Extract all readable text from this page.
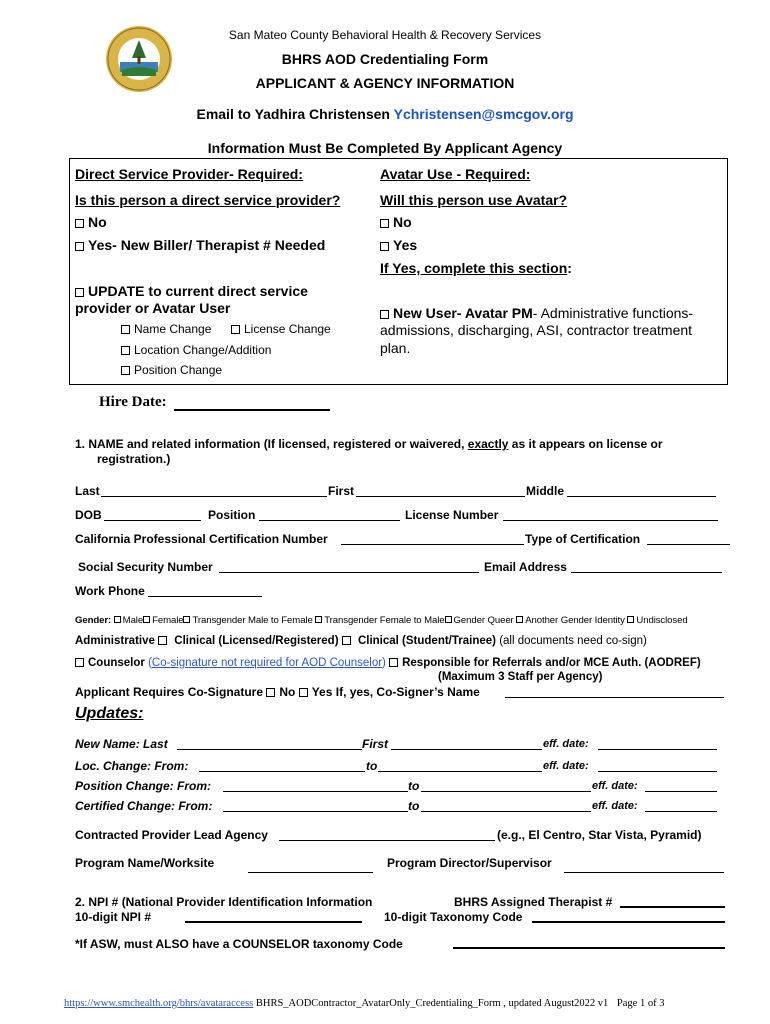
San Mateo County Behavioral Health & Recovery Services
BHRS AOD Credentialing Form
APPLICANT & AGENCY INFORMATION
Email to Yadhira Christensen Ychristensen@smcgov.org
Information Must Be Completed By Applicant Agency
Direct Service Provider- Required:
Is this person a direct service provider?
No
Yes- New Biller/ Therapist # Needed
UPDATE to current direct service
provider or Avatar User
Name Change	License Change
Location Change/Addition
Position Change
Avatar Use - Required:
Will this person use Avatar?
No
Yes
If Yes, complete this section:
New User- Avatar PM- Administrative functions-
admissions, discharging, ASI, contractor treatment
plan.
Hire Date:
1. NAME and related information (If licensed, registered or waivered, exactly as it appears on license or
registration.)
Last	First	Middle
DOB	Position	License Number
California Professional Certification Number	Type of Certification
Social Security Number	Email Address
Work Phone
Gender: Male Female Transgender Male to Female Transgender Female to Male Gender Queer Another Gender Identity Undisclosed
Administrative Clinical (Licensed/Registered) Clinical (Student/Trainee) (all documents need co-sign)
Counselor (Co-signature not required for AOD Counselor) Responsible for Referrals and/or MCE Auth. (AODREF)
(Maximum 3 Staff per Agency)
Applicant Requires Co-Signature No Yes If, yes, Co-Signer’s Name
Updates:
New Name: Last	First	eff. date:
Loc. Change: From:	to	eff. date:
Position Change: From:	to	eff. date:
Certified Change: From:	to	eff. date:
Contracted Provider Lead Agency	(e.g., El Centro, Star Vista, Pyramid)
Program Name/Worksite	Program Director/Supervisor
2. NPI # (National Provider Identification Information	BHRS Assigned Therapist #
10-digit NPI #	10-digit Taxonomy Code
*If ASW, must ALSO have a COUNSELOR taxonomy Code
https://www.smchealth.org/bhrs/avataraccess BHRS_AODContractor_AvatarOnly_Credentialing_Form , updated August2022 v1 Page 1 of 3
